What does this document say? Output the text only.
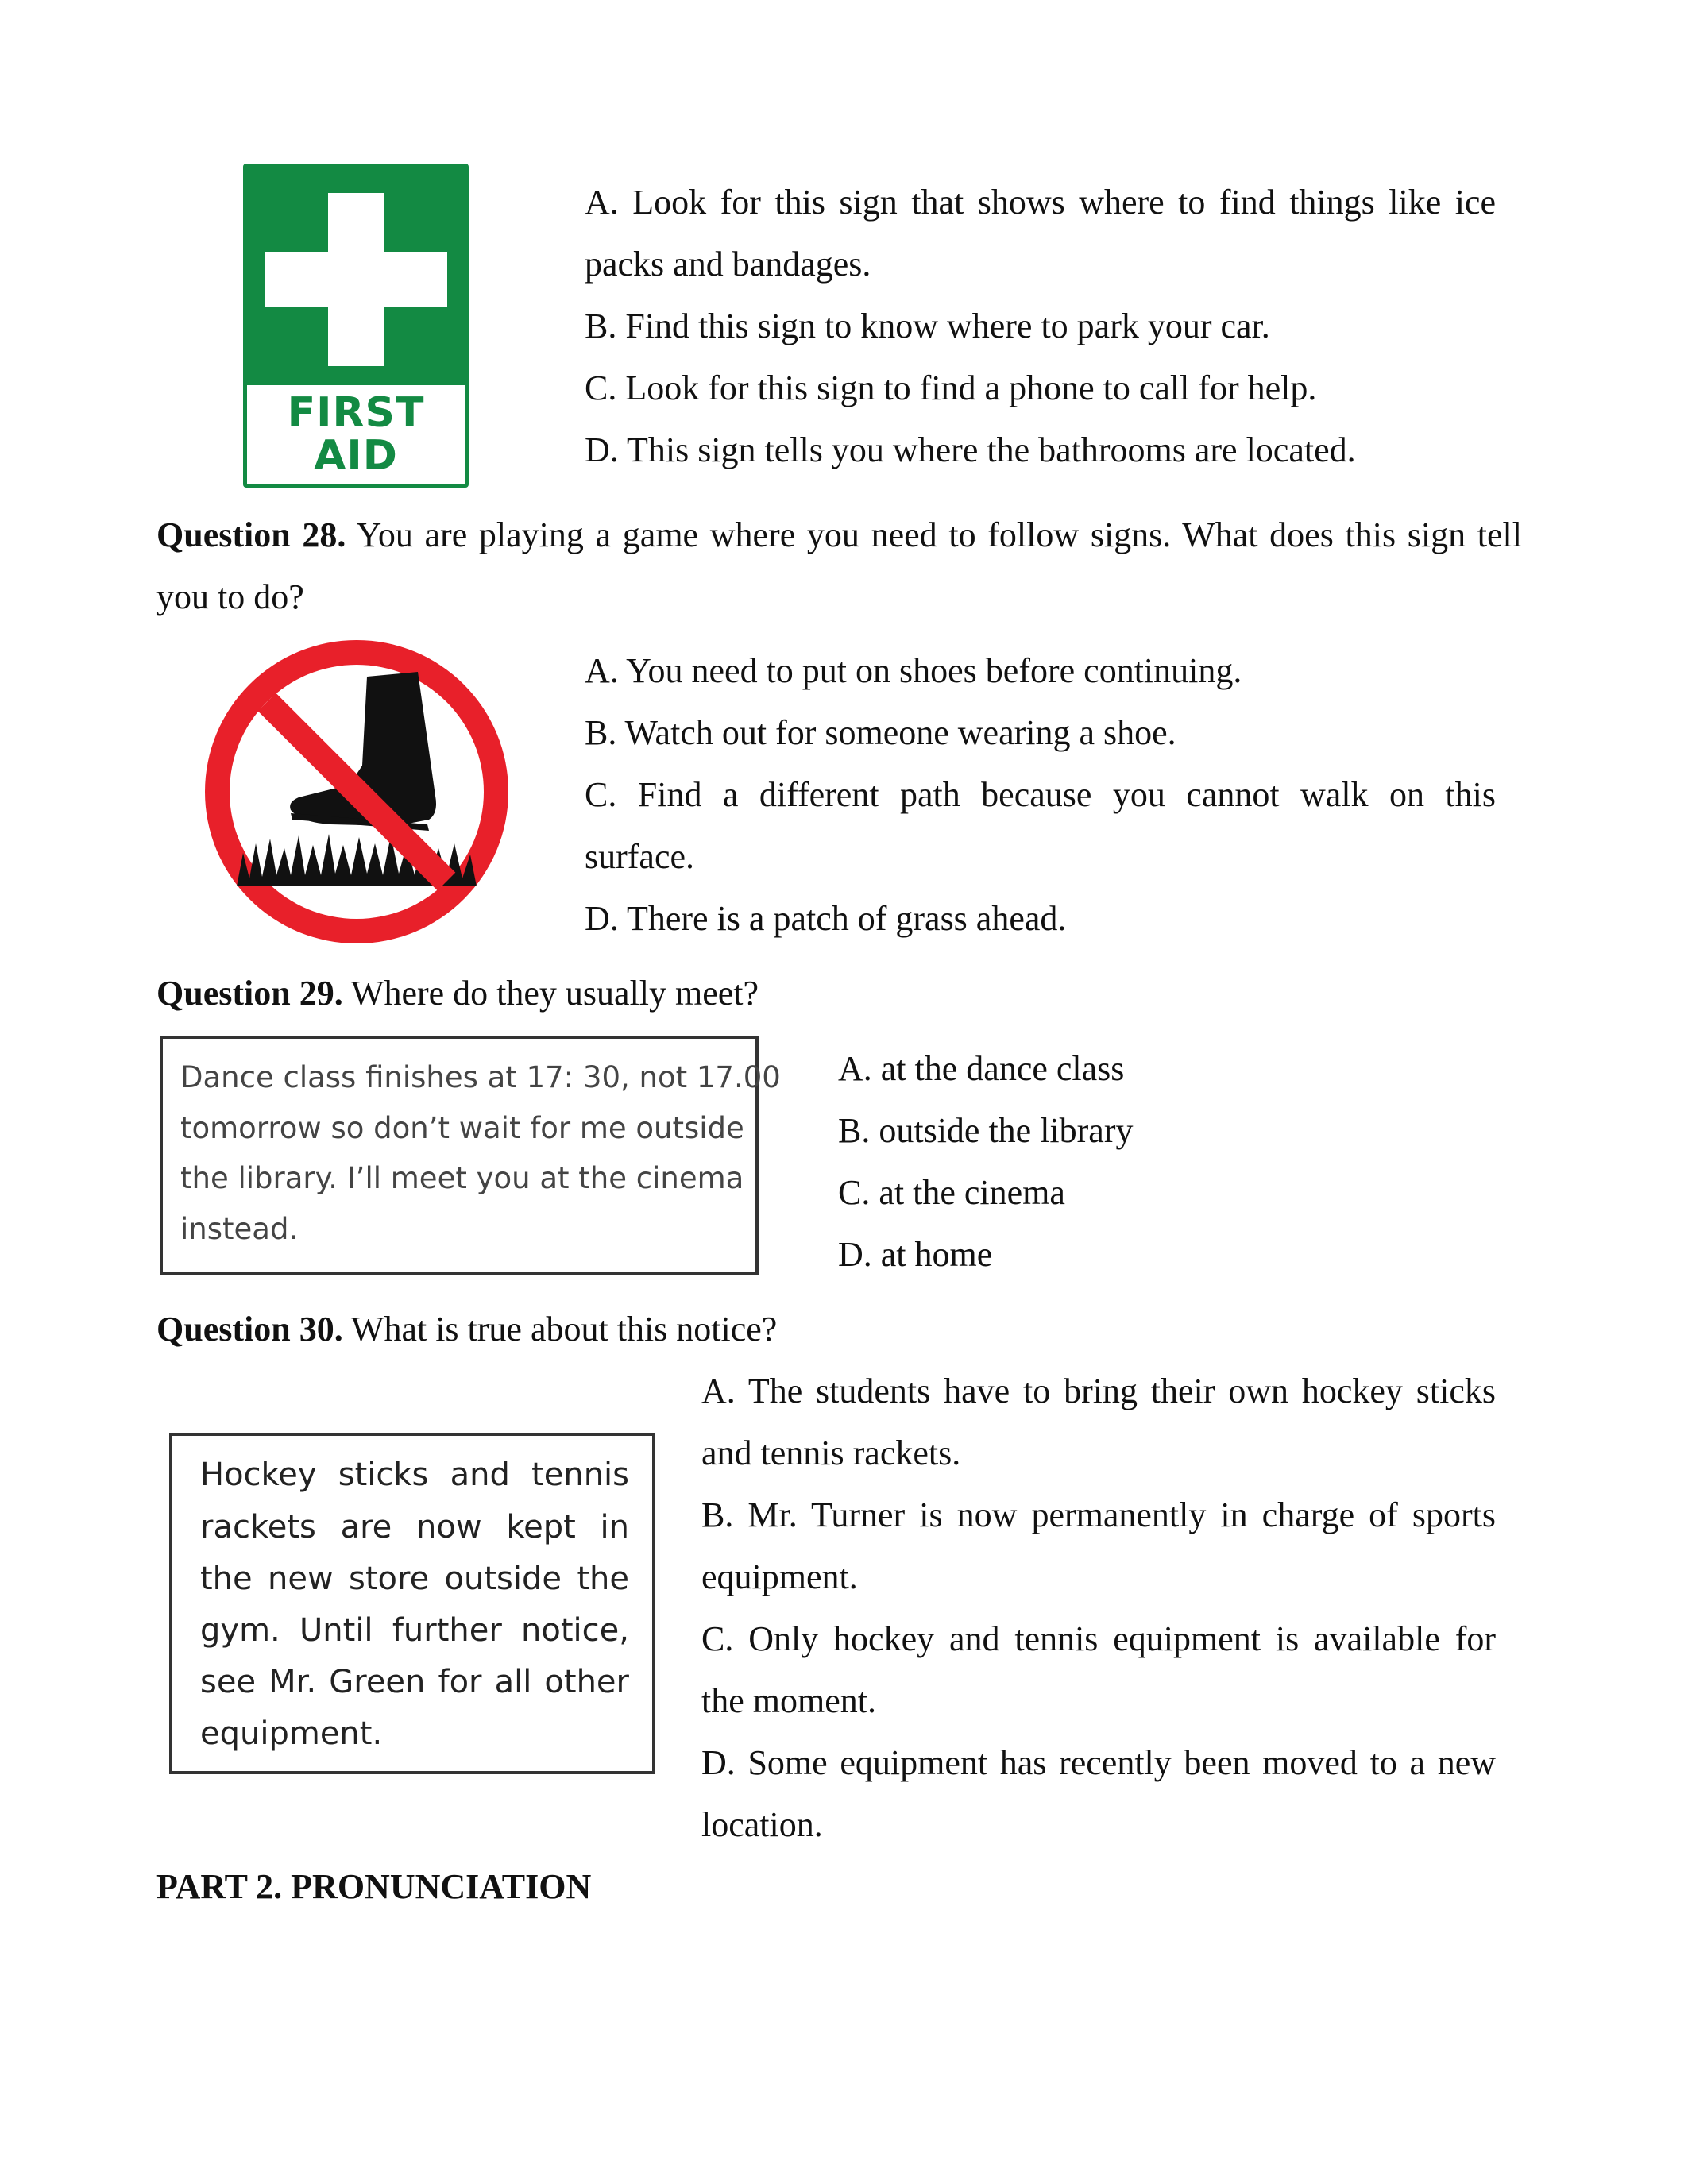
FIRST
AID
A. Look for this sign that shows where to find things like ice
packs and bandages.
B. Find this sign to know where to park your car.
C. Look for this sign to find a phone to call for help.
D. This sign tells you where the bathrooms are located.
Question 28. You are playing a game where you need to follow signs. What does this sign tell
you to do?
A. You need to put on shoes before continuing.
B. Watch out for someone wearing a shoe.
C. Find a different path because you cannot walk on this
surface.
D. There is a patch of grass ahead.
Question 29. Where do they usually meet?
Dance class finishes at 17: 30, not 17.00
tomorrow so don’t wait for me outside
the library. I’ll meet you at the cinema
instead.
A. at the dance class
B. outside the library
C. at the cinema
D. at home
Question 30. What is true about this notice?
Hockey sticks and tennis
rackets are now kept in
the new store outside the
gym. Until further notice,
see Mr. Green for all other
equipment.
A. The students have to bring their own hockey sticks
and tennis rackets.
B. Mr. Turner is now permanently in charge of sports
equipment.
C. Only hockey and tennis equipment is available for
the moment.
D. Some equipment has recently been moved to a new
location.
PART 2. PRONUNCIATION
